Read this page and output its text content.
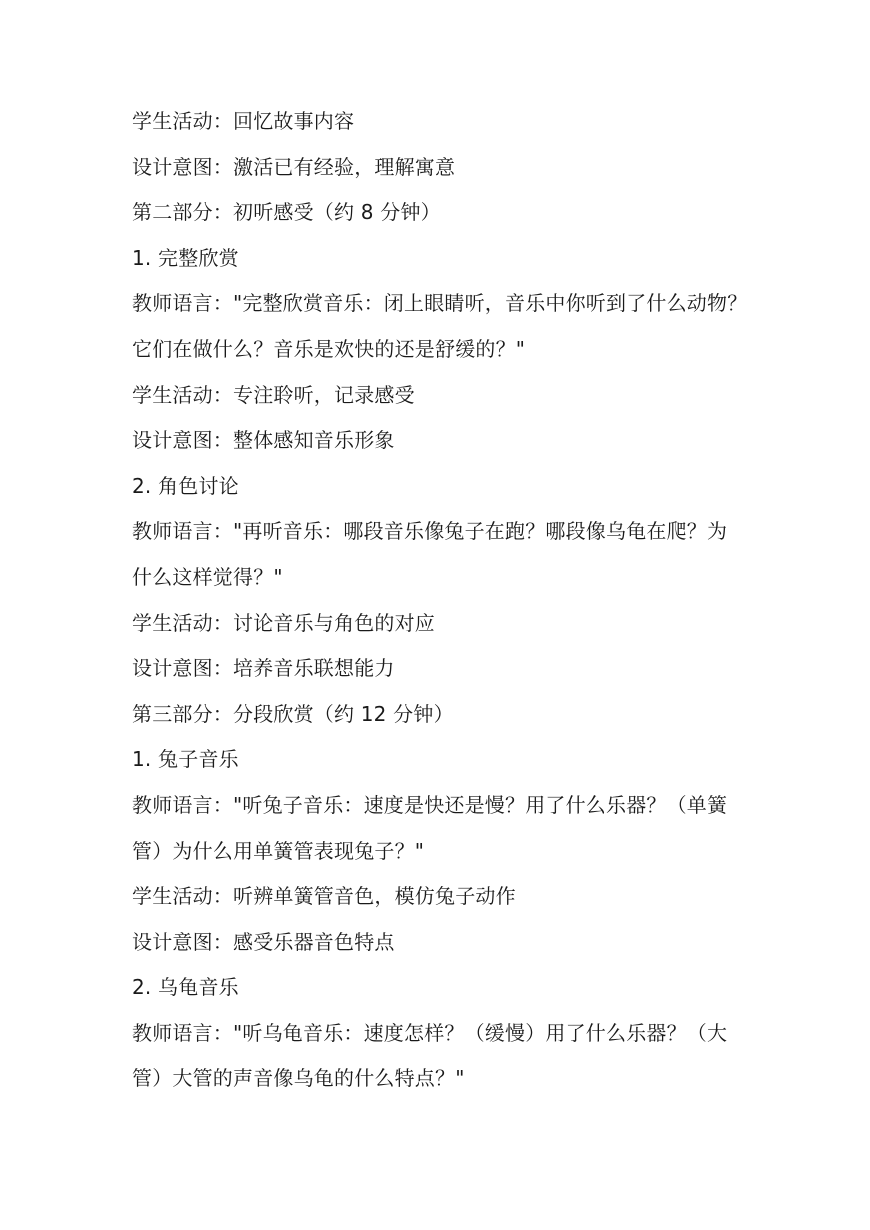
学生活动：回忆故事内容

设计意图：激活已有经验，理解寓意

第二部分：初听感受（约 8 分钟）

1. 完整欣赏

教师语言："完整欣赏音乐：闭上眼睛听，音乐中你听到了什么动物？

它们在做什么？音乐是欢快的还是舒缓的？"

学生活动：专注聆听，记录感受

设计意图：整体感知音乐形象

2. 角色讨论

教师语言："再听音乐：哪段音乐像兔子在跑？哪段像乌龟在爬？为

什么这样觉得？"

学生活动：讨论音乐与角色的对应

设计意图：培养音乐联想能力

第三部分：分段欣赏（约 12 分钟）

1. 兔子音乐

教师语言："听兔子音乐：速度是快还是慢？用了什么乐器？（单簧

管）为什么用单簧管表现兔子？"

学生活动：听辨单簧管音色，模仿兔子动作

设计意图：感受乐器音色特点

2. 乌龟音乐

教师语言："听乌龟音乐：速度怎样？（缓慢）用了什么乐器？（大

管）大管的声音像乌龟的什么特点？"
